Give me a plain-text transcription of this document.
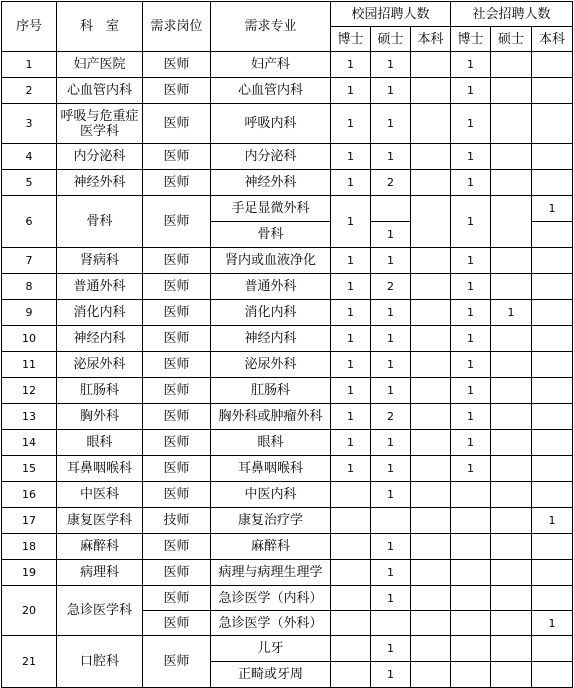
序号	科　室	需求岗位	需求专业	校园招聘人数			社会招聘人数		
				博士	硕士	本科	博士	硕士	本科
1	妇产医院	医师	妇产科	1	1		1		
2	心血管内科	医师	心血管内科	1	1		1		
3	呼吸与危重症医学科	医师	呼吸内科	1	1		1		
4	内分泌科	医师	内分泌科	1	1		1		
5	神经外科	医师	神经外科	1	2		1		
6	骨科	医师	手足显微外科	1			1		1
			骨科		1				
7	肾病科	医师	肾内或血液净化	1	1		1		
8	普通外科	医师	普通外科	1	2		1		
9	消化内科	医师	消化内科	1	1		1	1	
10	神经内科	医师	神经内科	1	1		1		
11	泌尿外科	医师	泌尿外科	1	1		1		
12	肛肠科	医师	肛肠科	1	1		1		
13	胸外科	医师	胸外科或肿瘤外科	1	2		1		
14	眼科	医师	眼科	1	1		1		
15	耳鼻咽喉科	医师	耳鼻咽喉科	1	1		1		
16	中医科	医师	中医内科		1				
17	康复医学科	技师	康复治疗学						1
18	麻醉科	医师	麻醉科		1				
19	病理科	医师	病理与病理生理学		1				
20	急诊医学科	医师	急诊医学（内科）		1				
		医师	急诊医学（外科）						1
21	口腔科	医师	儿牙		1				
			正畸或牙周		1				
